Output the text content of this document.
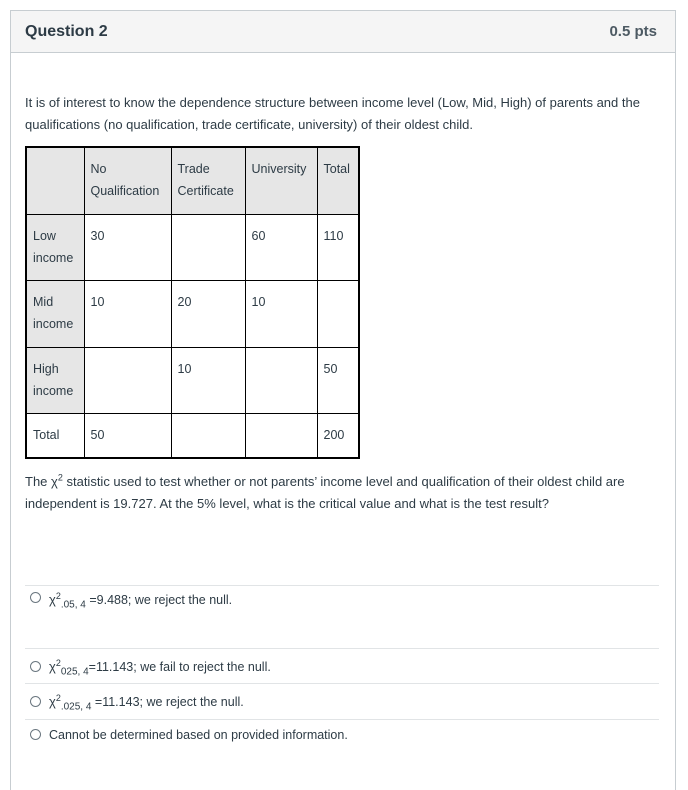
Question 2	0.5 pts

It is of interest to know the dependence structure between income level (Low, Mid, High) of parents and the qualifications (no qualification, trade certificate, university) of their oldest child.

	No Qualification	Trade Certificate	University	Total
Low income	30		60	110
Mid income	10	20	10	
High income		10		50
Total	50			200

The $\chi^2$ statistic used to test whether or not parents’ income level and qualification of their oldest child are independent is 19.727. At the 5% level, what is the critical value and what is the test result?

$\chi^2_{.05, 4} =9.488$; we reject the null.
$\chi^2_{025, 4}=11.143$; we fail to reject the null.
$\chi^2_{.025, 4} =11.143$; we reject the null.
Cannot be determined based on provided information.
